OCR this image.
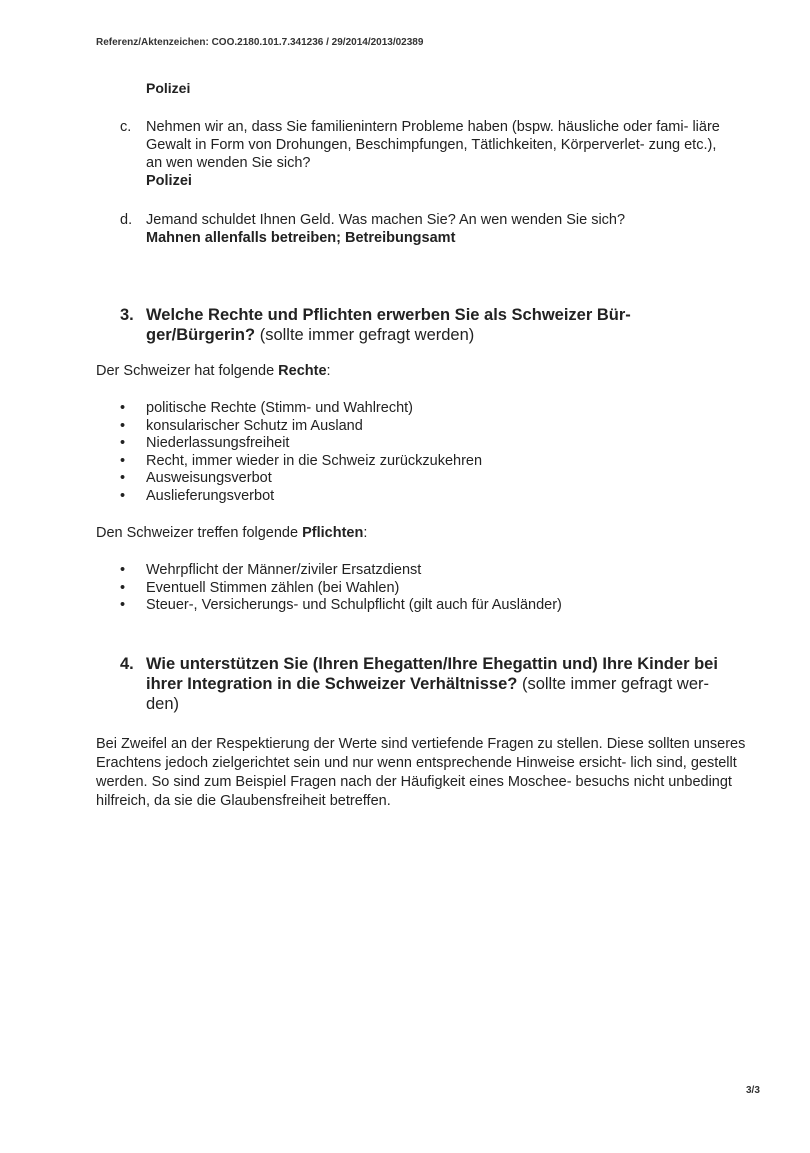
Referenz/Aktenzeichen: COO.2180.101.7.341236 / 29/2014/2013/02389
Polizei
c.	Nehmen wir an, dass Sie familienintern Probleme haben (bspw. häusliche oder fami- liäre Gewalt in Form von Drohungen, Beschimpfungen, Tätlichkeiten, Körperverlet- zung etc.), an wen wenden Sie sich?
Polizei
d. Jemand schuldet Ihnen Geld. Was machen Sie? An wen wenden Sie sich?
Mahnen allenfalls betreiben; Betreibungsamt
3. Welche Rechte und Pflichten erwerben Sie als Schweizer Bür- ger/Bürgerin? (sollte immer gefragt werden)
Der Schweizer hat folgende Rechte:
• politische Rechte (Stimm- und Wahlrecht)
• konsularischer Schutz im Ausland
• Niederlassungsfreiheit
• Recht, immer wieder in die Schweiz zurückzukehren
• Ausweisungsverbot
• Auslieferungsverbot
Den Schweizer treffen folgende Pflichten:
• Wehrpflicht der Männer/ziviler Ersatzdienst
• Eventuell Stimmen zählen (bei Wahlen)
• Steuer-, Versicherungs- und Schulpflicht (gilt auch für Ausländer)
4. Wie unterstützen Sie (Ihren Ehegatten/Ihre Ehegattin und) Ihre Kinder bei ihrer Integration in die Schweizer Verhältnisse? (sollte immer gefragt wer- den)
Bei Zweifel an der Respektierung der Werte sind vertiefende Fragen zu stellen. Diese sollten unseres Erachtens jedoch zielgerichtet sein und nur wenn entsprechende Hinweise ersicht- lich sind, gestellt werden. So sind zum Beispiel Fragen nach der Häufigkeit eines Moschee- besuchs nicht unbedingt hilfreich, da sie die Glaubensfreiheit betreffen.
3/3
